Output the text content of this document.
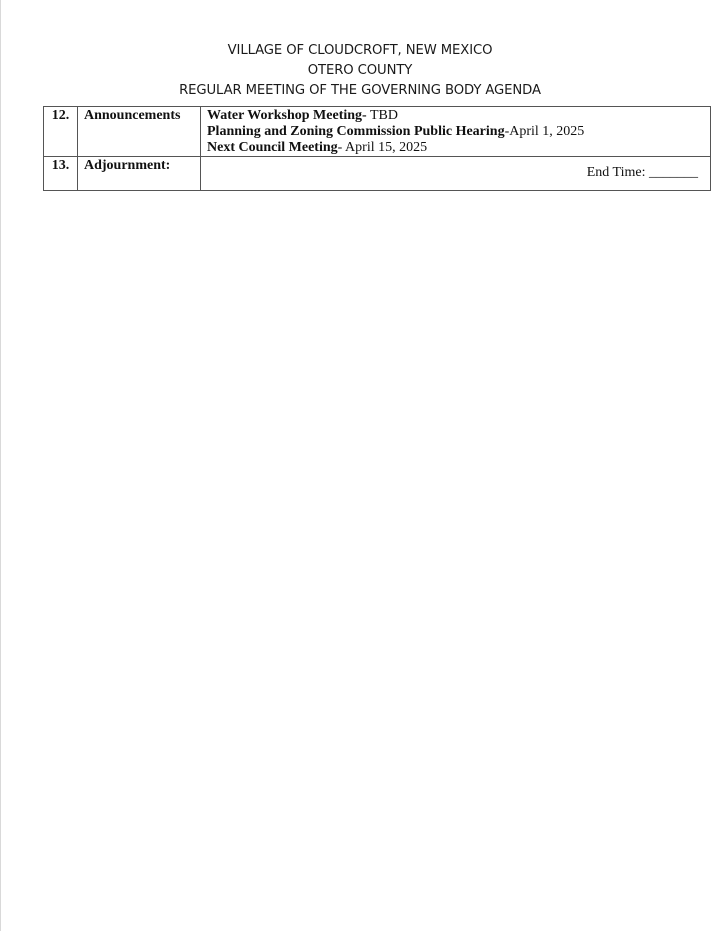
VILLAGE OF CLOUDCROFT, NEW MEXICO
OTERO COUNTY
REGULAR MEETING OF THE GOVERNING BODY AGENDA
12.	Announcements	Water Workshop Meeting- TBD
Planning and Zoning Commission Public Hearing-April 1, 2025
Next Council Meeting- April 15, 2025

13.	Adjournment:	End Time: _______
